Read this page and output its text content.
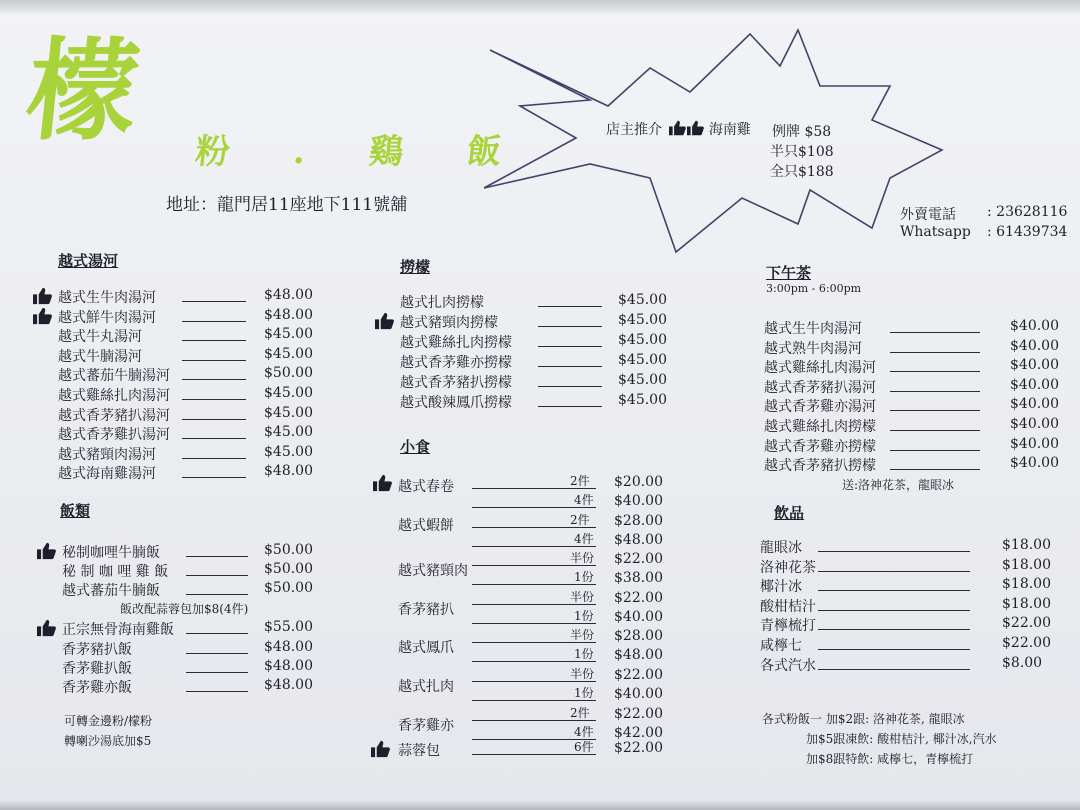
檬 粉 . 鷄 飯
地址：龍門居11座地下111號舖
店主推介	海南雞 例牌 $58
半只$108
全只$188
外賣電話 : 23628116
Whatsapp : 61439734
越式湯河
飯類
撈檬
小食
下午茶
3:00pm - 6:00pm
飲品
越式生牛肉湯河	$48.00
越式鮮牛肉湯河	$48.00
越式牛丸湯河	$45.00
越式牛腩湯河	$45.00
越式蕃茄牛腩湯河	$50.00
越式雞絲扎肉湯河	$45.00
越式香茅豬扒湯河	$45.00
越式香茅雞扒湯河	$45.00
越式豬頸肉湯河	$45.00
越式海南雞湯河	$48.00
秘制咖哩牛腩飯	$50.00
秘 制 咖 哩 雞 飯	$50.00
越式蕃茄牛腩飯	$50.00
正宗無骨海南雞飯	$55.00
香茅豬扒飯	$48.00
香茅雞扒飯	$48.00
香茅雞亦飯	$48.00
越式扎肉撈檬	$45.00
越式豬頸肉撈檬	$45.00
越式雞絲扎肉撈檬	$45.00
越式香茅雞亦撈檬	$45.00
越式香茅豬扒撈檬	$45.00
越式酸辣鳳爪撈檬	$45.00
越式生牛肉湯河	$40.00
越式熟牛肉湯河	$40.00
越式雞絲扎肉湯河	$40.00
越式香茅豬扒湯河	$40.00
越式香茅雞亦湯河	$40.00
越式雞絲扎肉撈檬	$40.00
越式香茅雞亦撈檬	$40.00
越式香茅豬扒撈檬	$40.00
龍眼冰	$18.00
洛神花茶	$18.00
椰汁冰	$18.00
酸柑桔汁	$18.00
青檸梳打	$22.00
咸檸七	$22.00
各式汽水	$8.00
越式春卷	2件 $20.00
4件 $40.00
越式蝦餅	2件 $28.00
4件 $48.00
越式豬頸肉
半份 $22.00
1份 $38.00
香茅豬扒
半份 $22.00
1份 $40.00
越式鳳爪
半份 $28.00
1份 $48.00
越式扎肉
半份 $22.00
1份 $40.00
香茅雞亦
2件 $22.00
4件 $42.00
蒜蓉包	6件 $22.00
飯改配蒜蓉包加$8(4件)
可轉金邊粉/檬粉
轉喇沙湯底加$5
送:洛神花茶，龍眼冰
各式粉飯一 加$2跟: 洛神花茶, 龍眼冰
加$5跟凍飲: 酸柑桔汁, 椰汁冰,汽水
加$8跟特飲: 咸檸七，青檸梳打
